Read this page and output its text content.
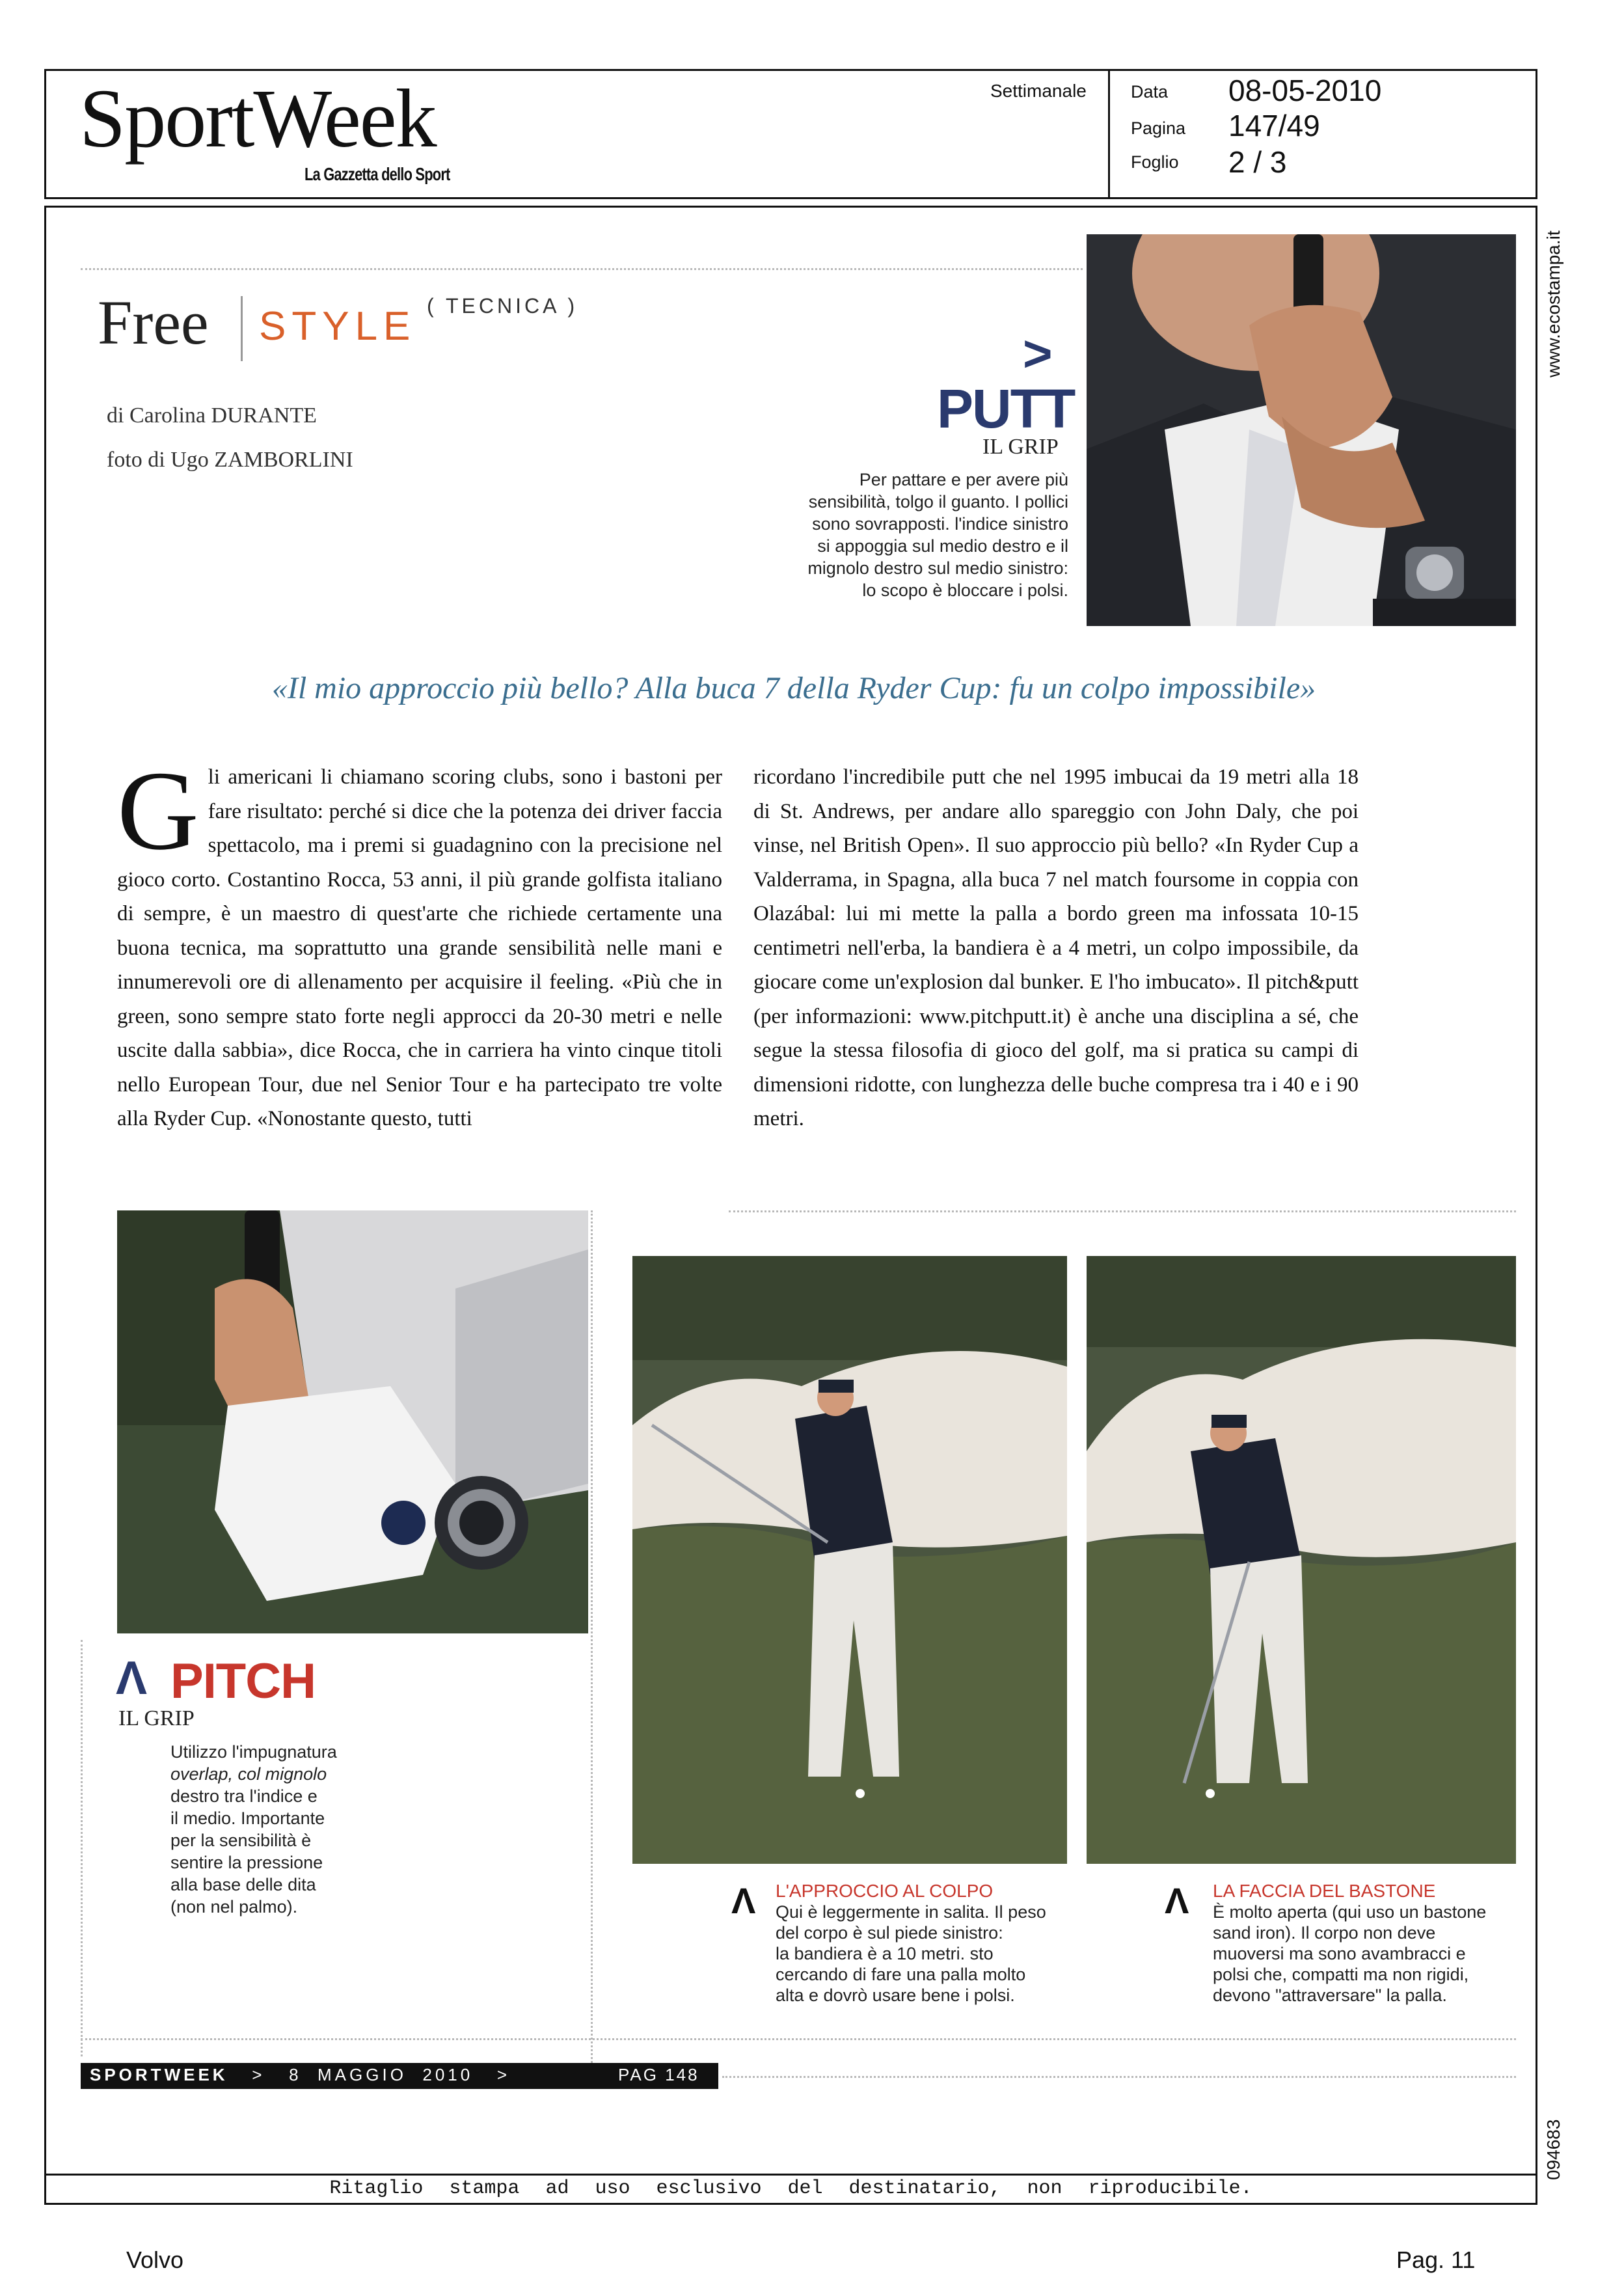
SportWeek
La Gazzetta dello Sport
Settimanale	Data 08-05-2010
Pagina 147/49
Foglio 2 / 3
Ritaglio stampa ad uso esclusivo del destinatario, non riproducibile.
www.ecostampa.it
094683
Volvo	Pag. 11
Free STYLE ( TECNICA )
di Carolina DURANTE
foto di Ugo ZAMBORLINI
>
PUTT
IL GRIP
Per pattare e per avere più
sensibilità, tolgo il guanto. I pollici
sono sovrapposti. l'indice sinistro
si appoggia sul medio destro e il
mignolo destro sul medio sinistro:
lo scopo è bloccare i polsi.
«Il mio approccio più bello? Alla buca 7 della Ryder Cup: fu un colpo impossibile»
Gli americani li chiamano scoring clubs, sono i bastoni per fare risultato: perché si dice che la potenza dei driver faccia spettacolo, ma i premi si guadagnino con la precisione nel gioco corto. Costantino Rocca, 53 anni, il più grande golfista italiano di sempre, è un maestro di quest'arte che richiede certamente una buona tecnica, ma soprattutto una grande sensibilità nelle mani e innumerevoli ore di allenamento per acquisire il feeling. «Più che in green, sono sempre stato forte negli approcci da 20-30 metri e nelle uscite dalla sabbia», dice Rocca, che in carriera ha vinto cinque titoli nello European Tour, due nel Senior Tour e ha partecipato tre volte alla Ryder Cup. «Nonostante questo, tutti
ricordano l'incredibile putt che nel 1995 imbucai da 19 metri alla 18 di St. Andrews, per andare allo spareggio con John Daly, che poi vinse, nel British Open». Il suo approccio più bello? «In Ryder Cup a Valderrama, in Spagna, alla buca 7 nel match foursome in coppia con Olazábal: lui mi mette la palla a bordo green ma infossata 10-15 centimetri nell'erba, la bandiera è a 4 metri, un colpo impossibile, da giocare come un'explosion dal bunker. E l'ho imbucato». Il pitch&putt (per informazioni: www.pitchputt.it) è anche una disciplina a sé, che segue la stessa filosofia di gioco del golf, ma si pratica su campi di dimensioni ridotte, con lunghezza delle buche compresa tra i 40 e i 90 metri.
Λ PITCH
IL GRIP
Utilizzo l'impugnatura
overlap, col mignolo
destro tra l'indice e
il medio. Importante
per la sensibilità è
sentire la pressione
alla base delle dita
(non nel palmo).	Λ L'APPROCCIO AL COLPO
Qui è leggermente in salita. Il peso
del corpo è sul piede sinistro:
la bandiera è a 10 metri. sto
cercando di fare una palla molto
alta e dovrò usare bene i polsi.
Λ LA FACCIA DEL BASTONE
È molto aperta (qui uso un bastone
sand iron). Il corpo non deve
muoversi ma sono avambracci e
polsi che, compatti ma non rigidi,
devono "attraversare" la palla.
SPORTWEEK > 8  MAGGIO  2010 >	PAG 148
